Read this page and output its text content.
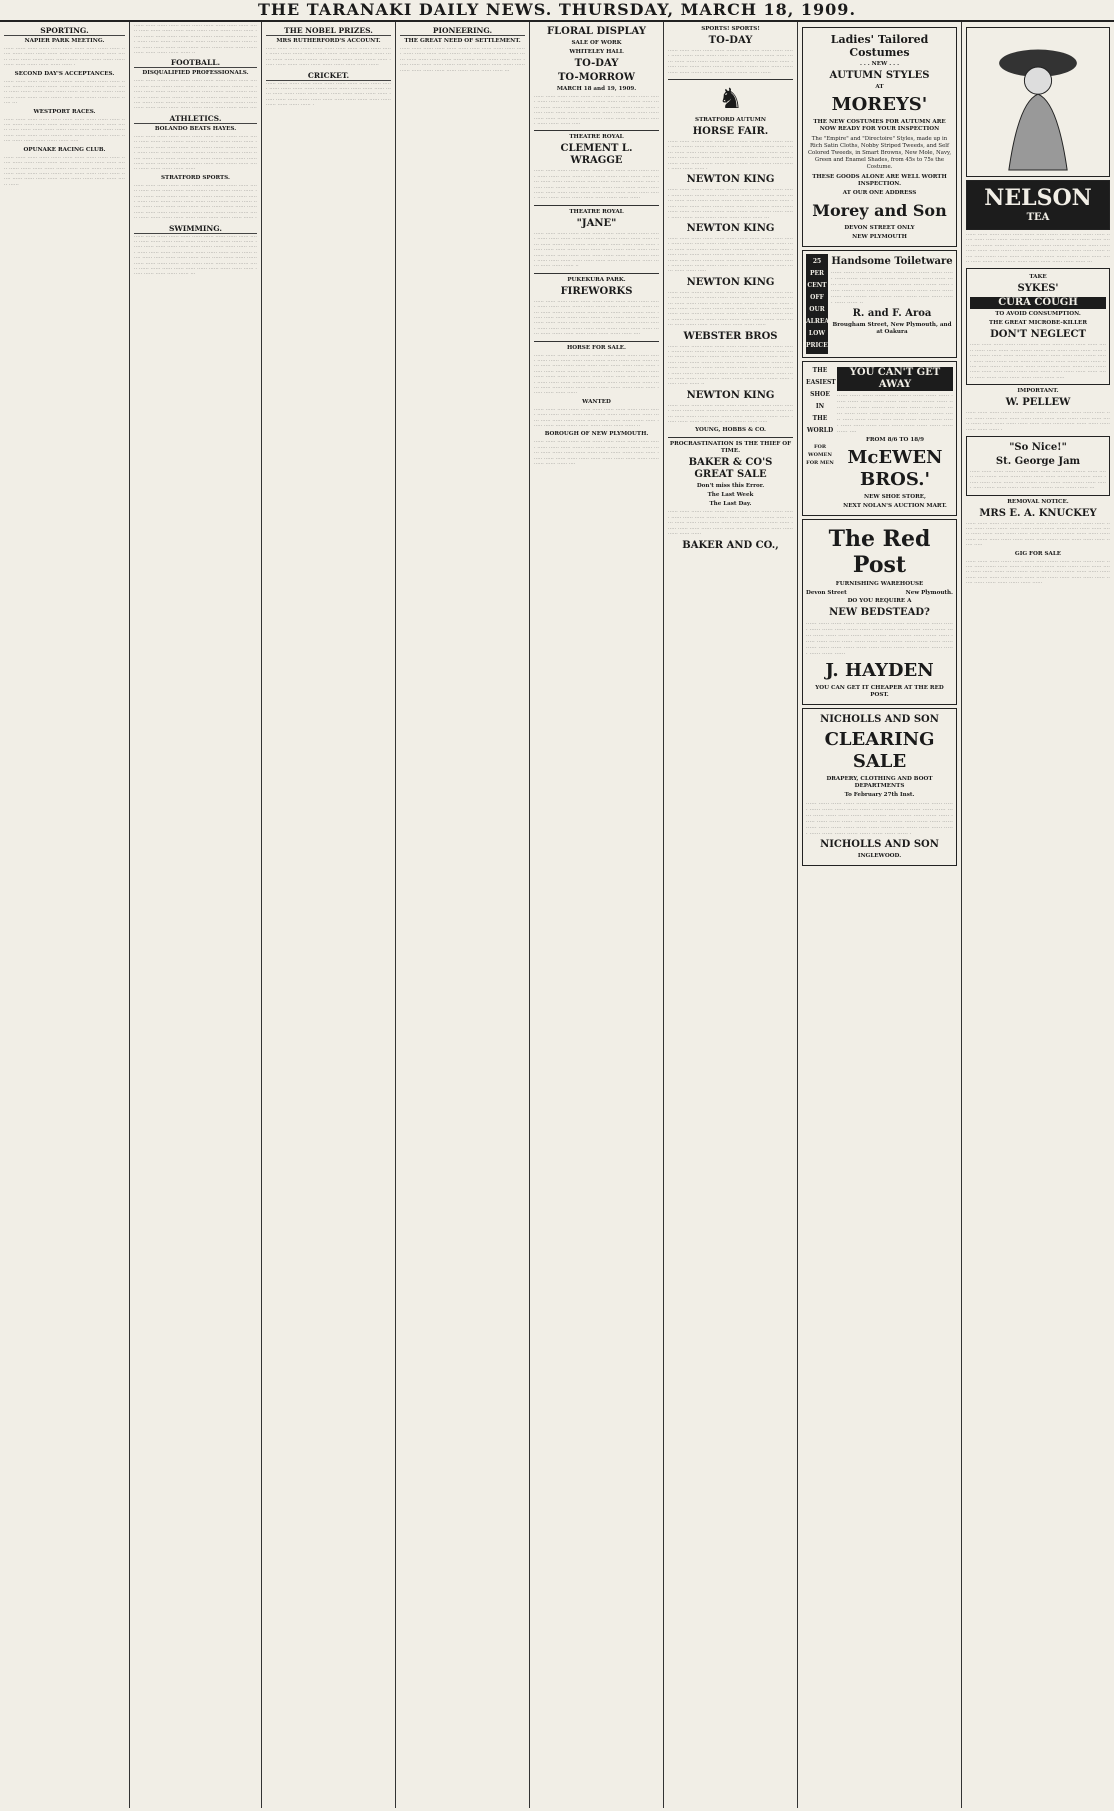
THE TARANAKI DAILY NEWS. THURSDAY, MARCH 18, 1909.
SPORTING.
NAPIER PARK MEETING.
······ ······ ······ ······ ······ ······ ······ ······ ······ ······ ······ ······ ······ ······ ······ ······ ······ ······ ······ ······ ······ ······ ······ ······ ······ ······ ······ ······ ······ ······ ······ ······ ······ ······ ······ ······ ······ ·
SECOND DAY'S ACCEPTANCES.
······ ······ ······ ······ ······ ······ ······ ······ ······ ······ ······ ······ ······ ······ ······ ······ ······ ······ ······ ······ ······ ······ ······ ······ ······ ······ ······ ······ ······ ······ ······ ······ ······ ······ ······ ······ ······ ······ ······ ······ ······ ······ ···
WESTPORT RACES.
······ ······ ······ ······ ······ ······ ······ ······ ······ ······ ······ ······ ······ ······ ······ ······ ······ ······ ······ ······ ······ ······ ······ ······ ······ ······ ······ ······ ······ ······ ······ ······ ······ ······ ······ ······ ······ ······ ······ ······ ······ ······ ······ ······ ······ ······ ······ ·····
OPUNAKE RACING CLUB.
······ ······ ······ ······ ······ ······ ······ ······ ······ ······ ······ ······ ······ ······ ······ ······ ······ ······ ······ ······ ······ ······ ······ ······ ······ ······ ······ ······ ······ ······ ······ ······ ······ ······ ······ ······ ······ ······ ······ ······ ······ ······ ······ ······ ······ ······ ······ ······ ······ ······ ······ ······ ······
······ ······ ······ ······ ······ ······ ······ ······ ······ ······ ······ ······ ······ ······ ······ ······ ······ ······ ······ ······ ······ ······ ······ ······ ······ ······ ······ ······ ······ ······ ······ ······ ······ ······ ······ ······ ······ ······ ······ ······ ······ ······ ······ ······ ······ ······ ······ ······ ······ ······ ······ ······ ······ ······ ······ ······ ······ ······ ··
FOOTBALL.
DISQUALIFIED PROFESSIONALS.
······ ······ ······ ······ ······ ······ ······ ······ ······ ······ ······ ······ ······ ······ ······ ······ ······ ······ ······ ······ ······ ······ ······ ······ ······ ······ ······ ······ ······ ······ ······ ······ ······ ······ ······ ······ ······ ······ ······ ······ ······ ······ ······ ······ ······ ······ ······ ······ ······ ······ ······ ······ ······ ······ ······ ······ ······ ······ ······ ······ ······ ······ ······ ····
ATHLETICS.
BOLANDO BEATS HAYES.
······ ······ ······ ······ ······ ······ ······ ······ ······ ······ ······ ······ ······ ······ ······ ······ ······ ······ ······ ······ ······ ······ ······ ······ ······ ······ ······ ······ ······ ······ ······ ······ ······ ······ ······ ······ ······ ······ ······ ······ ······ ······ ······ ······ ······ ······ ······ ······ ······ ······ ······ ······ ······ ······ ······ ······ ······ ······ ······ ······ ······ ······ ······ ······ ······ ······ ······ ······ ······
STRATFORD SPORTS.
······ ······ ······ ······ ······ ······ ······ ······ ······ ······ ······ ······ ······ ······ ······ ······ ······ ······ ······ ······ ······ ······ ······ ······ ······ ······ ······ ······ ······ ······ ······ ······ ······ ······ ······ ······ ······ ······ ······ ······ ······ ······ ······ ······ ······ ······ ······ ······ ······ ······ ······ ······ ······ ······ ······ ······ ······ ······ ······ ······ ······ ······ ······ ······ ······ ······ ······ ······ ······ ······ ······ ······ ······ ······ ·
SWIMMING.
······ ······ ······ ······ ······ ······ ······ ······ ······ ······ ······ ······ ······ ······ ······ ······ ······ ······ ······ ······ ······ ······ ······ ······ ······ ······ ······ ······ ······ ······ ······ ······ ······ ······ ······ ······ ······ ······ ······ ······ ······ ······ ······ ······ ······ ······ ······ ······ ······ ······ ······ ······ ······ ······ ······ ······ ······ ······ ······ ······ ······ ······ ······ ······ ······ ······ ······ ······ ······ ······ ······ ······ ······ ······ ······ ······ ······ ······ ······ ···
THE NOBEL PRIZES.
MRS RUTHERFORD'S ACCOUNT.
······ ······ ······ ······ ······ ······ ······ ······ ······ ······ ······ ······ ······ ······ ······ ······ ······ ······ ······ ······ ······ ······ ······ ······ ······ ······ ······ ······ ······ ······ ······ ······ ······ ······ ······ ······ ······ ······ ······ ······ ······ ······
CRICKET.
······ ······ ······ ······ ······ ······ ······ ······ ······ ······ ······ ······ ······ ······ ······ ······ ······ ······ ······ ······ ······ ······ ······ ······ ······ ······ ······ ······ ······ ······ ······ ······ ······ ······ ······ ······ ······ ······ ······ ······ ······ ······ ······ ······ ······ ······ ······ ·
PIONEERING.
THE GREAT NEED OF SETTLEMENT.
······ ······ ······ ······ ······ ······ ······ ······ ······ ······ ······ ······ ······ ······ ······ ······ ······ ······ ······ ······ ······ ······ ······ ······ ······ ······ ······ ······ ······ ······ ······ ······ ······ ······ ······ ······ ······ ······ ······ ······ ······ ······ ······ ······ ······ ······ ······ ······ ······ ······ ······ ······ ···
FLORAL DISPLAY
SALE OF WORK
WHITELEY HALL
TO-DAY
TO-MORROW
MARCH 18 and 19, 1909.
······ ······ ······ ······ ······ ······ ······ ······ ······ ······ ······ ······ ······ ······ ······ ······ ······ ······ ······ ······ ······ ······ ······ ······ ······ ······ ······ ······ ······ ······ ······ ······ ······ ······ ······ ······ ······ ······ ······ ······ ······ ······ ······ ······ ······ ······ ······ ······ ······ ······ ······ ······ ······ ······ ······ ······ ······ ·····
THEATRE ROYAL
CLEMENT L. WRAGGE
······ ······ ······ ······ ······ ······ ······ ······ ······ ······ ······ ······ ······ ······ ······ ······ ······ ······ ······ ······ ······ ······ ······ ······ ······ ······ ······ ······ ······ ······ ······ ······ ······ ······ ······ ······ ······ ······ ······ ······ ······ ······ ······ ······ ······ ······ ······ ······ ······ ······ ······ ······ ······ ······ ······ ······ ······ ······ ······ ······ ······ ······ ······
THEATRE ROYAL
"JANE"
······ ······ ······ ······ ······ ······ ······ ······ ······ ······ ······ ······ ······ ······ ······ ······ ······ ······ ······ ······ ······ ······ ······ ······ ······ ······ ······ ······ ······ ······ ······ ······ ······ ······ ······ ······ ······ ······ ······ ······ ······ ······ ······ ······ ······ ······ ······ ······ ······ ······ ······ ······ ······ ······ ······ ······ ······ ······ ······ ······ ······ ······ ······ ······ ······ ······ ······ ······ ··
PUKEKURA PARK.
FIREWORKS
······ ······ ······ ······ ······ ······ ······ ······ ······ ······ ······ ······ ······ ······ ······ ······ ······ ······ ······ ······ ······ ······ ······ ······ ······ ······ ······ ······ ······ ······ ······ ······ ······ ······ ······ ······ ······ ······ ······ ······ ······ ······ ······ ······ ······ ······ ······ ······ ······ ······ ······ ······ ······ ······ ······ ······ ······ ······ ······ ······ ······ ······ ······ ······ ······ ······ ······ ······ ······ ······ ······ ······ ······ ····
HORSE FOR SALE.
······ ······ ······ ······ ······ ······ ······ ······ ······ ······ ······ ······ ······ ······ ······ ······ ······ ······ ······ ······ ······ ······ ······ ······ ······ ······ ······ ······ ······ ······ ······ ······ ······ ······ ······ ······ ······ ······ ······ ······ ······ ······ ······ ······ ······ ······ ······ ······ ······ ······ ······ ······ ······ ······ ······ ······ ······ ······ ······ ······ ······ ······ ······ ······ ······ ······ ······ ······ ······ ······ ······ ······ ······ ······ ······ ······ ······ ······ ······
WANTED
······ ······ ······ ······ ······ ······ ······ ······ ······ ······ ······ ······ ······ ······ ······ ······ ······ ······ ······ ······ ······ ······ ······ ······ ······ ······ ······ ······ ······ ······ ······ ······ ······ ······ ······ ······ ······ ······ ······ ······ ······ ··
BOROUGH OF NEW PLYMOUTH.
······ ······ ······ ······ ······ ······ ······ ······ ······ ······ ······ ······ ······ ······ ······ ······ ······ ······ ······ ······ ······ ······ ······ ······ ······ ······ ······ ······ ······ ······ ······ ······ ······ ······ ······ ······ ······ ······ ······ ······ ······ ······ ······ ······ ······ ······ ····
SPORTS! SPORTS!
TO-DAY
······ ······ ······ ······ ······ ······ ······ ······ ······ ······ ······ ······ ······ ······ ······ ······ ······ ······ ······ ······ ······ ······ ······ ······ ······ ······ ······ ······ ······ ······ ······ ······ ······ ······ ······ ······ ······ ······ ······ ······ ······ ······ ······ ······ ······ ······ ······ ······ ······ ······ ······ ······
♞
STRATFORD AUTUMN
HORSE FAIR.
······ ······ ······ ······ ······ ······ ······ ······ ······ ······ ······ ······ ······ ······ ······ ······ ······ ······ ······ ······ ······ ······ ······ ······ ······ ······ ······ ······ ······ ······ ······ ······ ······ ······ ······ ······ ······ ······ ······ ······ ······ ······ ······ ······ ······ ······ ······ ······ ······ ······ ······ ······ ······ ······ ······ ······ ······ ·
NEWTON KING
······ ······ ······ ······ ······ ······ ······ ······ ······ ······ ······ ······ ······ ······ ······ ······ ······ ······ ······ ······ ······ ······ ······ ······ ······ ······ ······ ······ ······ ······ ······ ······ ······ ······ ······ ······ ······ ······ ······ ······ ······ ······ ······ ······ ······ ······ ······ ······ ······ ······ ······ ······ ······ ······ ······ ······ ······ ······ ······ ······ ······ ······ ···
NEWTON KING
······ ······ ······ ······ ······ ······ ······ ······ ······ ······ ······ ······ ······ ······ ······ ······ ······ ······ ······ ······ ······ ······ ······ ······ ······ ······ ······ ······ ······ ······ ······ ······ ······ ······ ······ ······ ······ ······ ······ ······ ······ ······ ······ ······ ······ ······ ······ ······ ······ ······ ······ ······ ······ ······ ······ ······ ······ ······ ······ ······ ······ ······ ······ ······ ······ ······ ······ ·····
NEWTON KING
······ ······ ······ ······ ······ ······ ······ ······ ······ ······ ······ ······ ······ ······ ······ ······ ······ ······ ······ ······ ······ ······ ······ ······ ······ ······ ······ ······ ······ ······ ······ ······ ······ ······ ······ ······ ······ ······ ······ ······ ······ ······ ······ ······ ······ ······ ······ ······ ······ ······ ······ ······ ······ ······ ······ ······ ······ ······ ······ ······ ······ ······ ······ ······ ······ ······ ······ ······ ······ ······ ······ ······ ······
WEBSTER BROS
······ ······ ······ ······ ······ ······ ······ ······ ······ ······ ······ ······ ······ ······ ······ ······ ······ ······ ······ ······ ······ ······ ······ ······ ······ ······ ······ ······ ······ ······ ······ ······ ······ ······ ······ ······ ······ ······ ······ ······ ······ ······ ······ ······ ······ ······ ······ ······ ······ ······ ······ ······ ······ ······ ······ ······ ······ ······ ······ ······ ······ ······ ······ ······ ······ ······ ······ ······ ······ ······ ······ ······ ······ ······ ······ ······ ······ ······ ··
NEWTON KING
······ ······ ······ ······ ······ ······ ······ ······ ······ ······ ······ ······ ······ ······ ······ ······ ······ ······ ······ ······ ······ ······ ······ ······ ······ ······ ······ ······ ······ ······ ······ ······ ······ ······ ······ ······ ······ ······ ······ ······ ·····
YOUNG, HOBBS & CO.
PROCRASTINATION IS THE THIEF OF TIME.
BAKER & CO'S GREAT SALE
Don't miss this Error.
The Last Week
The Last Day.
······ ······ ······ ······ ······ ······ ······ ······ ······ ······ ······ ······ ······ ······ ······ ······ ······ ······ ······ ······ ······ ······ ······ ······ ······ ······ ······ ······ ······ ······ ······ ······ ······ ······ ······ ······ ······ ······ ······ ······ ······ ······ ······ ······ ······ ······
BAKER AND CO.,
Ladies' Tailored Costumes
. . . NEW . . .
AUTUMN STYLES
AT
MOREYS'
THE NEW COSTUMES FOR AUTUMN ARE NOW READY FOR YOUR INSPECTION
The "Empire" and "Directoire" Styles, made up in Rich Satin Cloths, Nobby Striped Tweeds, and Self Colored Tweeds, in Smart Browns, New Mole, Navy, Green and Enamel Shades, from 45s to 75s the Costume.
THESE GOODS ALONE ARE WELL WORTH INSPECTION.
AT OUR ONE ADDRESS
Morey and Son
DEVON STREET ONLY
NEW PLYMOUTH
25
PER
CENT
OFF
OUR
ALREADY
LOW
PRICES
Handsome Toiletware
······ ······ ······ ······ ······ ······ ······ ······ ······ ······ ······ ······ ······ ······ ······ ······ ······ ······ ······ ······ ······ ······ ······ ······ ······ ······ ······ ······ ······ ······ ······ ······ ······ ······ ······ ······ ······ ······ ······ ······ ······ ······ ······ ······ ······ ······ ······ ······ ······ ······ ······ ··
R. and F. Aroa
Brougham Street, New Plymouth, and at Oakura
THE
EASIEST
SHOE
IN
THE
WORLD
FOR WOMEN FOR MEN
YOU CAN'T GET AWAY
······ ······ ······ ······ ······ ······ ······ ······ ······ ······ ······ ······ ······ ······ ······ ······ ······ ······ ······ ······ ······ ······ ······ ······ ······ ······ ······ ······ ······ ······ ······ ······ ······ ······ ······ ······ ······ ······ ······ ······ ······ ······ ······ ······ ······ ······ ······ ······ ······ ······ ······ ······ ······ ······ ······ ······ ····
FROM 8/6 TO 18/9
McEWEN BROS.'
NEW SHOE STORE,
NEXT NOLAN'S AUCTION MART.
The Red Post
FURNISHING WAREHOUSE
Devon Street	New Plymouth.
DO YOU REQUIRE A
NEW BEDSTEAD?
······ ······ ······ ······ ······ ······ ······ ······ ······ ······ ······ ······ ······ ······ ······ ······ ······ ······ ······ ······ ······ ······ ······ ······ ······ ······ ······ ······ ······ ······ ······ ······ ······ ······ ······ ······ ······ ······ ······ ······ ······ ······ ······ ······ ······ ······ ······ ······ ······ ······ ······ ······ ······ ······ ······ ······ ······ ······ ······ ······ ······ ······
J. HAYDEN
YOU CAN GET IT CHEAPER AT THE RED POST.
NICHOLLS AND SON
CLEARING SALE
DRAPERY, CLOTHING AND BOOT DEPARTMENTS
To February 27th Inst.
······ ······ ······ ······ ······ ······ ······ ······ ······ ······ ······ ······ ······ ······ ······ ······ ······ ······ ······ ······ ······ ······ ······ ······ ······ ······ ······ ······ ······ ······ ······ ······ ······ ······ ······ ······ ······ ······ ······ ······ ······ ······ ······ ······ ······ ······ ······ ······ ······ ······ ······ ······ ······ ······ ······ ······ ······ ······ ······ ······ ······ ······ ······ ······ ······ ······ ······ ·
NICHOLLS AND SON
INGLEWOOD.
NELSON
TEA
······ ······ ······ ······ ······ ······ ······ ······ ······ ······ ······ ······ ······ ······ ······ ······ ······ ······ ······ ······ ······ ······ ······ ······ ······ ······ ······ ······ ······ ······ ······ ······ ······ ······ ······ ······ ······ ······ ······ ······ ······ ······ ······ ······ ······ ······ ······ ······ ······ ······ ······ ······ ······ ······ ······ ······ ······ ······ ······ ······ ······ ······ ······ ······ ······ ······ ······ ······ ······ ······ ······ ······ ···
TAKE
SYKES'
CURA COUGH
TO AVOID CONSUMPTION.
THE GREAT MICROBE-KILLER
DON'T NEGLECT
······ ······ ······ ······ ······ ······ ······ ······ ······ ······ ······ ······ ······ ······ ······ ······ ······ ······ ······ ······ ······ ······ ······ ······ ······ ······ ······ ······ ······ ······ ······ ······ ······ ······ ······ ······ ······ ······ ······ ······ ······ ······ ······ ······ ······ ······ ······ ······ ······ ······ ······ ······ ······ ······ ······ ······ ······ ······ ······ ······ ······ ······ ······ ······ ······ ······ ······ ······ ······ ······ ······ ······ ······ ······ ······ ······ ······ ·····
IMPORTANT.
W. PELLEW
······ ······ ······ ······ ······ ······ ······ ······ ······ ······ ······ ······ ······ ······ ······ ······ ······ ······ ······ ······ ······ ······ ······ ······ ······ ······ ······ ······ ······ ······ ······ ······ ······ ······ ······ ······ ······ ······ ······ ······ ·
"So Nice!"
St. George Jam
······ ······ ······ ······ ······ ······ ······ ······ ······ ······ ······ ······ ······ ······ ······ ······ ······ ······ ······ ······ ······ ······ ······ ······ ······ ······ ······ ······ ······ ······ ······ ······ ······ ······ ······ ······ ······ ······ ······ ······ ······ ······ ······ ······ ······ ···
REMOVAL NOTICE.
MRS E. A. KNUCKEY
······ ······ ······ ······ ······ ······ ······ ······ ······ ······ ······ ······ ······ ······ ······ ······ ······ ······ ······ ······ ······ ······ ······ ······ ······ ······ ······ ······ ······ ······ ······ ······ ······ ······ ······ ······ ······ ······ ······ ······ ······ ······ ······ ······ ······ ······ ······ ······ ······ ······ ·····
GIG FOR SALE
······ ······ ······ ······ ······ ······ ······ ······ ······ ······ ······ ······ ······ ······ ······ ······ ······ ······ ······ ······ ······ ······ ······ ······ ······ ······ ······ ······ ······ ······ ······ ······ ······ ······ ······ ······ ······ ······ ······ ······ ······ ······ ······ ······ ······ ······ ······ ······ ······ ······ ······ ······ ······ ······ ······ ······
